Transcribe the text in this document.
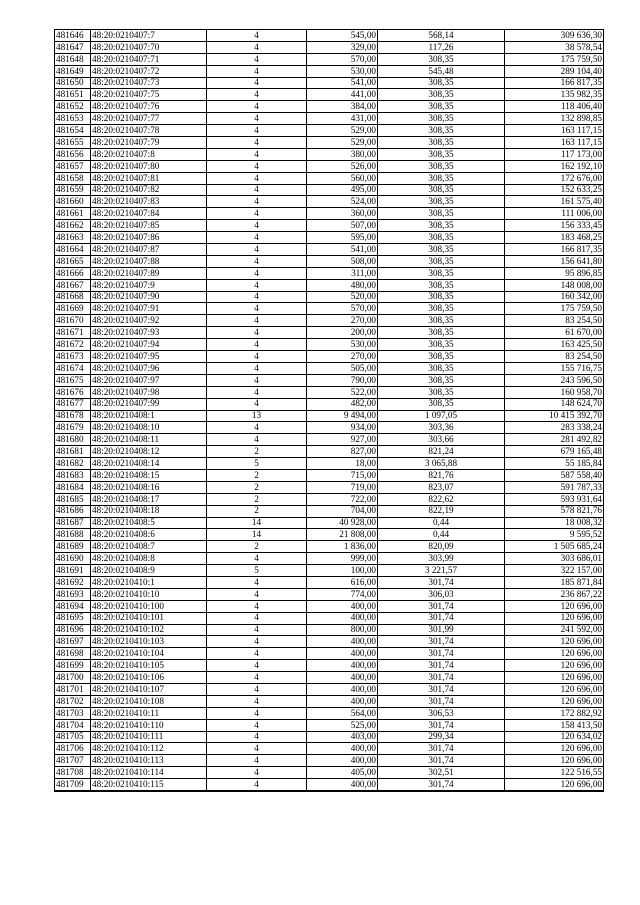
481646	48:20:0210407:7	4	545,00	568,14	309 636,30
481647	48:20:0210407:70	4	329,00	117,26	38 578,54
481648	48:20:0210407:71	4	570,00	308,35	175 759,50
481649	48:20:0210407:72	4	530,00	545,48	289 104,40
481650	48:20:0210407:73	4	541,00	308,35	166 817,35
481651	48:20:0210407:75	4	441,00	308,35	135 982,35
481652	48:20:0210407:76	4	384,00	308,35	118 406,40
481653	48:20:0210407:77	4	431,00	308,35	132 898,85
481654	48:20:0210407:78	4	529,00	308,35	163 117,15
481655	48:20:0210407:79	4	529,00	308,35	163 117,15
481656	48:20:0210407:8	4	380,00	308,35	117 173,00
481657	48:20:0210407:80	4	526,00	308,35	162 192,10
481658	48:20:0210407:81	4	560,00	308,35	172 676,00
481659	48:20:0210407:82	4	495,00	308,35	152 633,25
481660	48:20:0210407:83	4	524,00	308,35	161 575,40
481661	48:20:0210407:84	4	360,00	308,35	111 006,00
481662	48:20:0210407:85	4	507,00	308,35	156 333,45
481663	48:20:0210407:86	4	595,00	308,35	183 468,25
481664	48:20:0210407:87	4	541,00	308,35	166 817,35
481665	48:20:0210407:88	4	508,00	308,35	156 641,80
481666	48:20:0210407:89	4	311,00	308,35	95 896,85
481667	48:20:0210407:9	4	480,00	308,35	148 008,00
481668	48:20:0210407:90	4	520,00	308,35	160 342,00
481669	48:20:0210407:91	4	570,00	308,35	175 759,50
481670	48:20:0210407:92	4	270,00	308,35	83 254,50
481671	48:20:0210407:93	4	200,00	308,35	61 670,00
481672	48:20:0210407:94	4	530,00	308,35	163 425,50
481673	48:20:0210407:95	4	270,00	308,35	83 254,50
481674	48:20:0210407:96	4	505,00	308,35	155 716,75
481675	48:20:0210407:97	4	790,00	308,35	243 596,50
481676	48:20:0210407:98	4	522,00	308,35	160 958,70
481677	48:20:0210407:99	4	482,00	308,35	148 624,70
481678	48:20:0210408:1	13	9 494,00	1 097,05	10 415 392,70
481679	48:20:0210408:10	4	934,00	303,36	283 338,24
481680	48:20:0210408:11	4	927,00	303,66	281 492,82
481681	48:20:0210408:12	2	827,00	821,24	679 165,48
481682	48:20:0210408:14	5	18,00	3 065,88	55 185,84
481683	48:20:0210408:15	2	715,00	821,76	587 558,40
481684	48:20:0210408:16	2	719,00	823,07	591 787,33
481685	48:20:0210408:17	2	722,00	822,62	593 931,64
481686	48:20:0210408:18	2	704,00	822,19	578 821,76
481687	48:20:0210408:5	14	40 928,00	0,44	18 008,32
481688	48:20:0210408:6	14	21 808,00	0,44	9 595,52
481689	48:20:0210408:7	2	1 836,00	820,09	1 505 685,24
481690	48:20:0210408:8	4	999,00	303,99	303 686,01
481691	48:20:0210408:9	5	100,00	3 221,57	322 157,00
481692	48:20:0210410:1	4	616,00	301,74	185 871,84
481693	48:20:0210410:10	4	774,00	306,03	236 867,22
481694	48:20:0210410:100	4	400,00	301,74	120 696,00
481695	48:20:0210410:101	4	400,00	301,74	120 696,00
481696	48:20:0210410:102	4	800,00	301,99	241 592,00
481697	48:20:0210410:103	4	400,00	301,74	120 696,00
481698	48:20:0210410:104	4	400,00	301,74	120 696,00
481699	48:20:0210410:105	4	400,00	301,74	120 696,00
481700	48:20:0210410:106	4	400,00	301,74	120 696,00
481701	48:20:0210410:107	4	400,00	301,74	120 696,00
481702	48:20:0210410:108	4	400,00	301,74	120 696,00
481703	48:20:0210410:11	4	564,00	306,53	172 882,92
481704	48:20:0210410:110	4	525,00	301,74	158 413,50
481705	48:20:0210410:111	4	403,00	299,34	120 634,02
481706	48:20:0210410:112	4	400,00	301,74	120 696,00
481707	48:20:0210410:113	4	400,00	301,74	120 696,00
481708	48:20:0210410:114	4	405,00	302,51	122 516,55
481709	48:20:0210410:115	4	400,00	301,74	120 696,00
